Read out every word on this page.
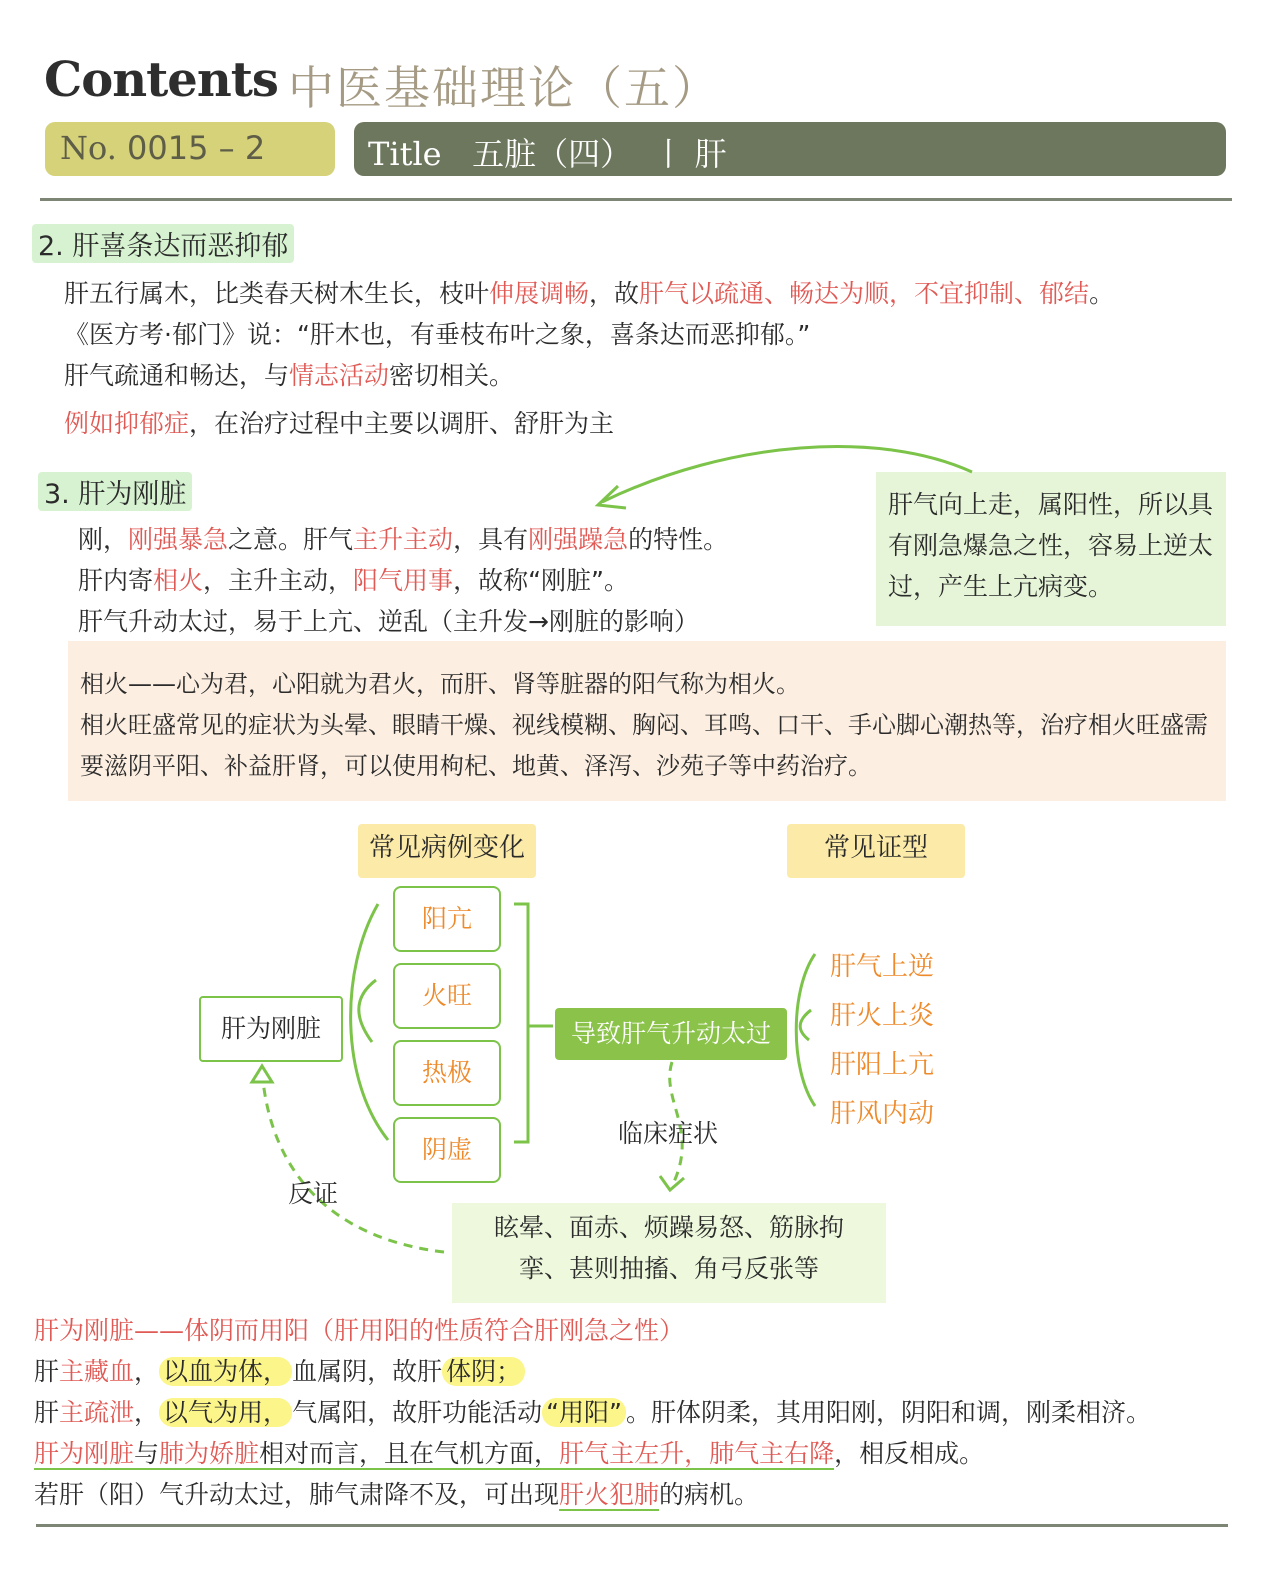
Contents 中医基础理论（五）
No. 0015 – 2	Title 五脏（四）  丨 肝
2. 肝喜条达而恶抑郁
肝五行属木，比类春天树木生长，枝叶伸展调畅，故肝气以疏通、畅达为顺，不宜抑制、郁结。
《医方考·郁门》说：“肝木也，有垂枝布叶之象，喜条达而恶抑郁。”
肝气疏通和畅达，与情志活动密切相关。
例如抑郁症，在治疗过程中主要以调肝、舒肝为主
3. 肝为刚脏
刚，刚强暴急之意。肝气主升主动，具有刚强躁急的特性。
肝内寄相火，主升主动，阳气用事，故称“刚脏”。
肝气升动太过，易于上亢、逆乱（主升发→刚脏的影响）
肝气向上走，属阳性，所以具有刚急爆急之性，容易上逆太过，产生上亢病变。
相火——心为君，心阳就为君火，而肝、肾等脏器的阳气称为相火。
相火旺盛常见的症状为头晕、眼睛干燥、视线模糊、胸闷、耳鸣、口干、手心脚心潮热等，治疗相火旺盛需要滋阴平阳、补益肝肾，可以使用枸杞、地黄、泽泻、沙苑子等中药治疗。
常见病例变化	常见证型
肝为刚脏
阳亢
火旺
热极
阴虚
导致肝气升动太过
肝气上逆
肝火上炎
肝阳上亢
肝风内动
临床症状
反证
眩晕、面赤、烦躁易怒、筋脉拘
挛、甚则抽搐、角弓反张等
肝为刚脏——体阴而用阳（肝用阳的性质符合肝刚急之性）
肝主藏血， 以血为体， 血属阴，故肝 体阴；
肝主疏泄， 以气为用， 气属阳，故肝功能活动 “用阳” 。肝体阴柔，其用阳刚，阴阳和调，刚柔相济。
肝为刚脏与肺为娇脏相对而言，且在气机方面，肝气主左升，肺气主右降，相反相成。
若肝（阳）气升动太过，肺气肃降不及，可出现肝火犯肺的病机。
